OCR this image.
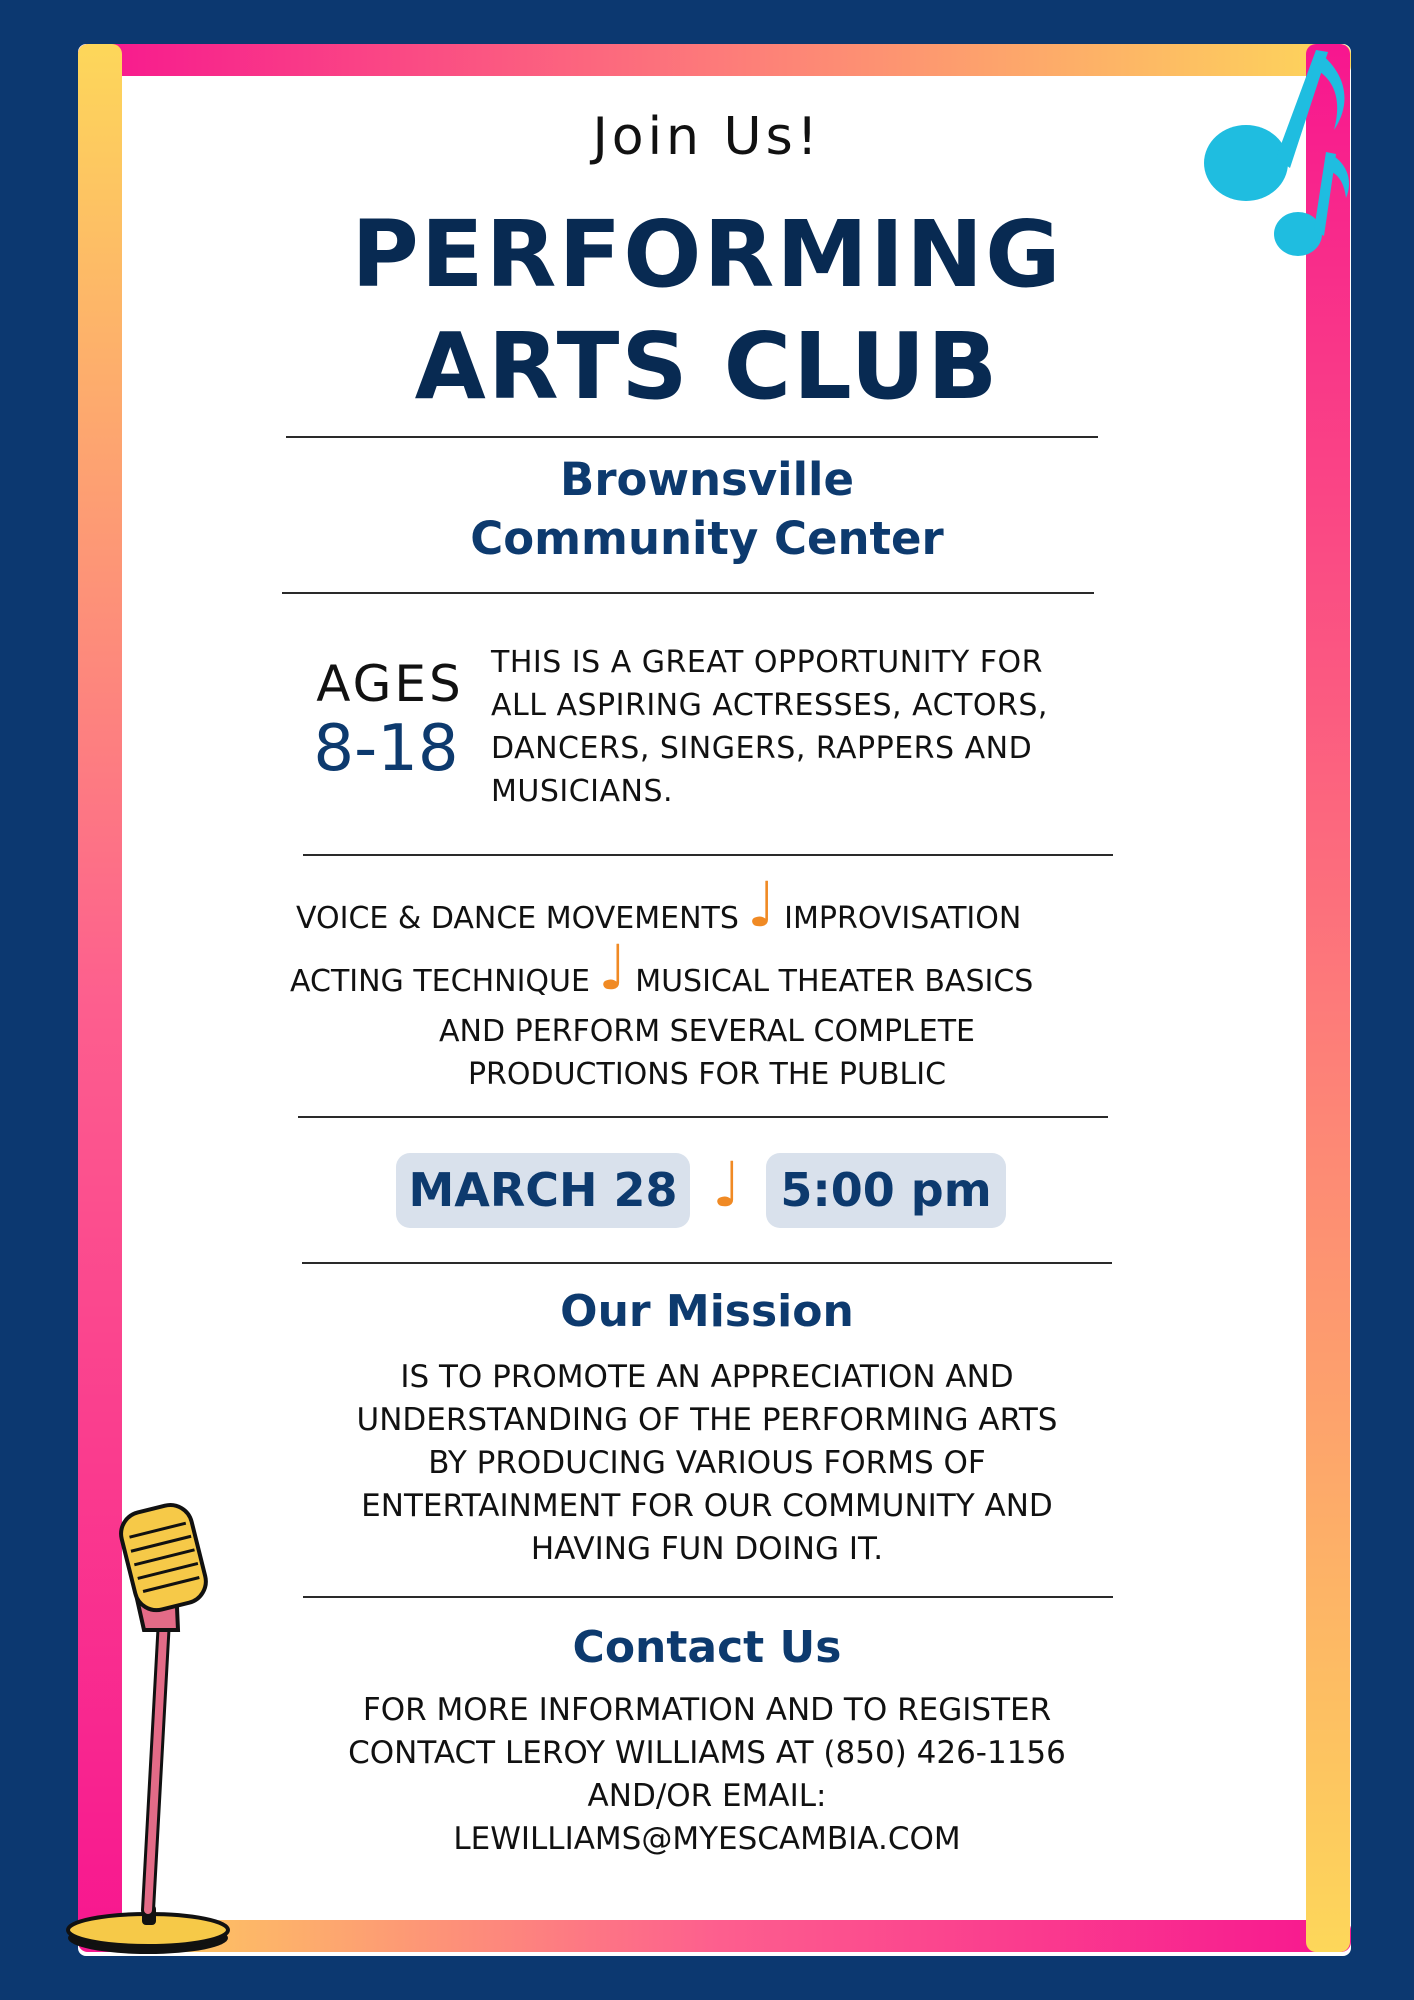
Join Us!

PERFORMING

ARTS CLUB

Brownsville

Community Center

AGES
8-18
THIS IS A GREAT OPPORTUNITY FOR
ALL ASPIRING ACTRESSES, ACTORS,
DANCERS, SINGERS, RAPPERS AND
MUSICIANS.
VOICE & DANCE MOVEMENTS ♩ IMPROVISATION
ACTING TECHNIQUE ♩ MUSICAL THEATER BASICS

AND PERFORM SEVERAL COMPLETE

PRODUCTIONS FOR THE PUBLIC

MARCH 28 ♩ 5:00 pm

Our Mission

IS TO PROMOTE AN APPRECIATION AND

UNDERSTANDING OF THE PERFORMING ARTS

BY PRODUCING VARIOUS FORMS OF

ENTERTAINMENT FOR OUR COMMUNITY AND

HAVING FUN DOING IT.

Contact Us

FOR MORE INFORMATION AND TO REGISTER

CONTACT LEROY WILLIAMS AT (850) 426-1156

AND/OR EMAIL:

LEWILLIAMS@MYESCAMBIA.COM
